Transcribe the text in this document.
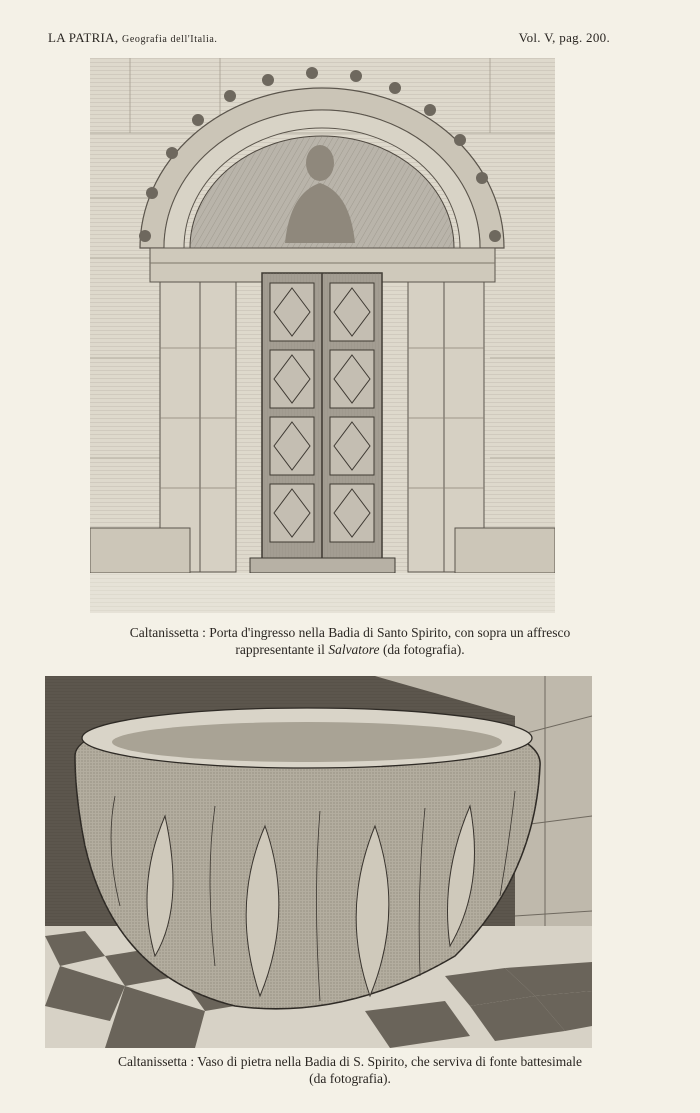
LA PATRIA, Geografia dell'Italia.	Vol. V, pag. 200.
Caltanissetta : Porta d'ingresso nella Badia di Santo Spirito, con sopra un affresco
rappresentante il Salvatore (da fotografia).
Caltanissetta : Vaso di pietra nella Badia di S. Spirito, che serviva di fonte battesimale
(da fotografia).
